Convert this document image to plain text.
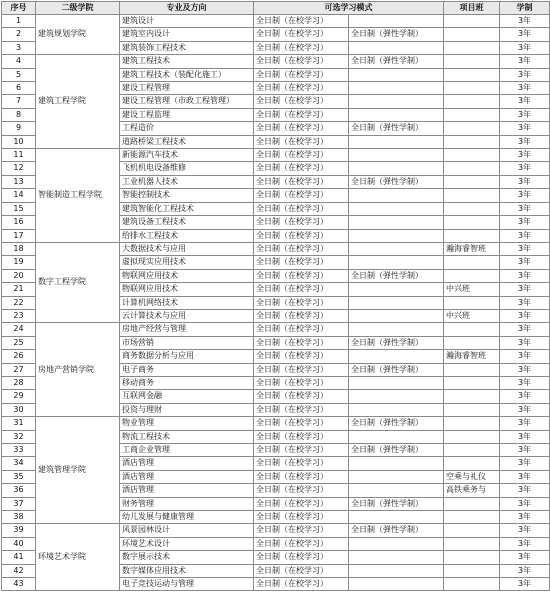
序号	二级学院	专业及方向	可选学习模式		项目班	学制
1	建筑规划学院	建筑设计	全日制（在校学习）			3年
2		建筑室内设计	全日制（在校学习）	全日制（弹性学制）		3年
3		建筑装饰工程技术	全日制（在校学习）			3年
4	建筑工程学院	建筑工程技术	全日制（在校学习）	全日制（弹性学制）		3年
5		建筑工程技术（装配化施工）	全日制（在校学习）			3年
6		建设工程管理	全日制（在校学习）			3年
7		建设工程管理（市政工程管理）	全日制（在校学习）			3年
8		建设工程监理	全日制（在校学习）			3年
9		工程造价	全日制（在校学习）	全日制（弹性学制）		3年
10		道路桥梁工程技术	全日制（在校学习）			3年
11	智能制造工程学院	新能源汽车技术	全日制（在校学习）			3年
12		飞机机电设备维修	全日制（在校学习）			3年
13		工业机器人技术	全日制（在校学习）	全日制（弹性学制）		3年
14		智能控制技术	全日制（在校学习）			3年
15		建筑智能化工程技术	全日制（在校学习）			3年
16		建筑设备工程技术	全日制（在校学习）			3年
17		给排水工程技术	全日制（在校学习）			3年
18	数字工程学院	大数据技术与应用	全日制（在校学习）		瀚海睿智班	3年
19		虚拟现实应用技术	全日制（在校学习）			3年
20		物联网应用技术	全日制（在校学习）	全日制（弹性学制）		3年
21		物联网应用技术	全日制（在校学习）		中兴班	3年
22		计算机网络技术	全日制（在校学习）			3年
23		云计算技术与应用	全日制（在校学习）		中兴班	3年
24	房地产营销学院	房地产经营与管理	全日制（在校学习）			3年
25		市场营销	全日制（在校学习）	全日制（弹性学制）		3年
26		商务数据分析与应用	全日制（在校学习）		瀚海睿智班	3年
27		电子商务	全日制（在校学习）	全日制（弹性学制）		3年
28		移动商务	全日制（在校学习）			3年
29		互联网金融	全日制（在校学习）			3年
30		投资与理财	全日制（在校学习）			3年
31	建筑管理学院	物业管理	全日制（在校学习）	全日制（弹性学制）		3年
32		物流工程技术	全日制（在校学习）			3年
33		工商企业管理	全日制（在校学习）	全日制（弹性学制）		3年
34		酒店管理	全日制（在校学习）			3年
35		酒店管理	全日制（在校学习）		空乘与礼仪	3年
36		酒店管理	全日制（在校学习）		高铁乘务与	3年
37		财务管理	全日制（在校学习）	全日制（弹性学制）		3年
38		幼儿发展与健康管理	全日制（在校学习）			3年
39	环境艺术学院	风景园林设计	全日制（在校学习）	全日制（弹性学制）		3年
40		环境艺术设计	全日制（在校学习）			3年
41		数字展示技术	全日制（在校学习）			3年
42		数字媒体应用技术	全日制（在校学习）			3年
43		电子竞技运动与管理	全日制（在校学习）			3年
